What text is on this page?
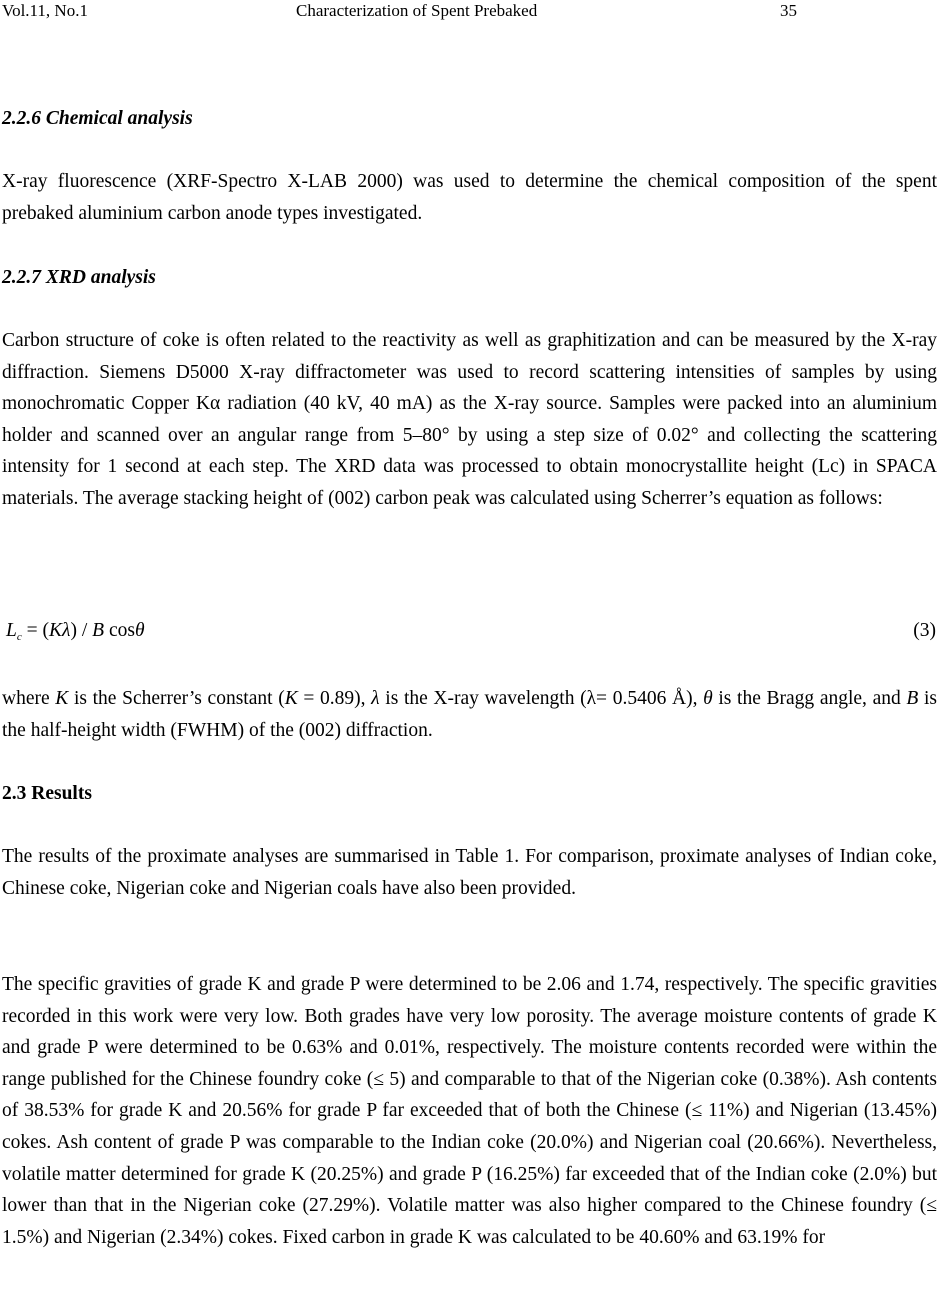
Vol.11, No.1	Characterization of Spent Prebaked	35
2.2.6 Chemical analysis

X-ray fluorescence (XRF-Spectro X-LAB 2000) was used to determine the chemical composition of the spent prebaked aluminium carbon anode types investigated.

2.2.7 XRD analysis

Carbon structure of coke is often related to the reactivity as well as graphitization and can be measured by the X-ray diffraction. Siemens D5000 X-ray diffractometer was used to record scattering intensities of samples by using monochromatic Copper Kα radiation (40 kV, 40 mA) as the X-ray source. Samples were packed into an aluminium holder and scanned over an angular range from 5–80° by using a step size of 0.02° and collecting the scattering intensity for 1 second at each step. The XRD data was processed to obtain monocrystallite height (Lc) in SPACA materials. The average stacking height of (002) carbon peak was calculated using Scherrer’s equation as follows:

$L_c = (K\lambda) / B$ cosθ	(3)

where K is the Scherrer’s constant (K = 0.89), λ is the X-ray wavelength (λ= 0.5406 Å), θ is the Bragg angle, and B is the half-height width (FWHM) of the (002) diffraction.

2.3 Results

The results of the proximate analyses are summarised in Table 1. For comparison, proximate analyses of Indian coke, Chinese coke, Nigerian coke and Nigerian coals have also been provided.

The specific gravities of grade K and grade P were determined to be 2.06 and 1.74, respectively. The specific gravities recorded in this work were very low. Both grades have very low porosity. The average moisture contents of grade K and grade P were determined to be 0.63% and 0.01%, respectively. The moisture contents recorded were within the range published for the Chinese foundry coke (≤ 5) and comparable to that of the Nigerian coke (0.38%). Ash contents of 38.53% for grade K and 20.56% for grade P far exceeded that of both the Chinese (≤ 11%) and Nigerian (13.45%) cokes. Ash content of grade P was comparable to the Indian coke (20.0%) and Nigerian coal (20.66%). Nevertheless, volatile matter determined for grade K (20.25%) and grade P (16.25%) far exceeded that of the Indian coke (2.0%) but lower than that in the Nigerian coke (27.29%). Volatile matter was also higher compared to the Chinese foundry (≤ 1.5%) and Nigerian (2.34%) cokes. Fixed carbon in grade K was calculated to be 40.60% and 63.19% for
